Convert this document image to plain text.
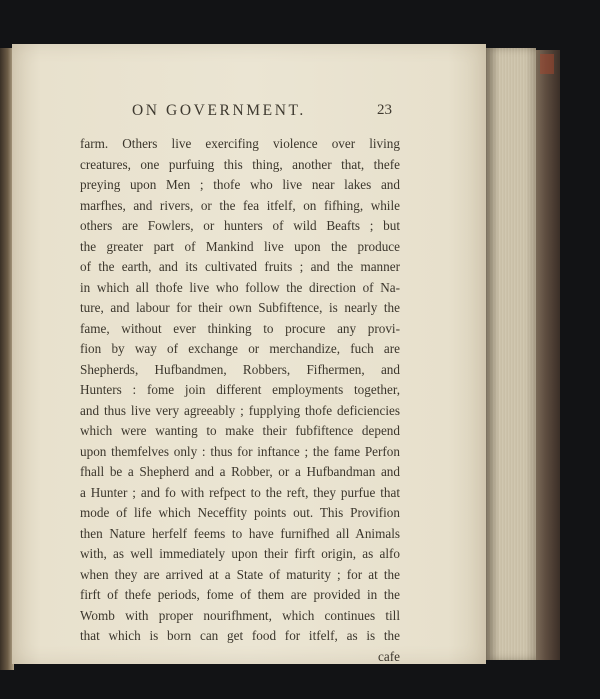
ON GOVERNMENT.	23
farm. Others live exercifing violence over living
creatures, one purfuing this thing, another that, thefe
preying upon Men ; thofe who live near lakes and
marfhes, and rivers, or the fea itfelf, on fifhing, while
others are Fowlers, or hunters of wild Beafts ; but
the greater part of Mankind live upon the produce
of the earth, and its cultivated fruits ; and the manner
in which all thofe live who follow the direction of Na-
ture, and labour for their own Subfiftence, is nearly the
fame, without ever thinking to procure any provi-
fion by way of exchange or merchandize, fuch are
Shepherds, Hufbandmen, Robbers, Fifhermen, and
Hunters : fome join different employments together,
and thus live very agreeably ; fupplying thofe deficiencies
which were wanting to make their fubfiftence depend
upon themfelves only : thus for inftance ; the fame Perfon
fhall be a Shepherd and a Robber, or a Hufbandman and
a Hunter ; and fo with refpect to the reft, they purfue that
mode of life which Neceffity points out. This Provifion
then Nature herfelf feems to have furnifhed all Animals
with, as well immediately upon their firft origin, as alfo
when they are arrived at a State of maturity ; for at the
firft of thefe periods, fome of them are provided in the
Womb with proper nourifhment, which continues till
that which is born can get food for itfelf, as is the
cafe
